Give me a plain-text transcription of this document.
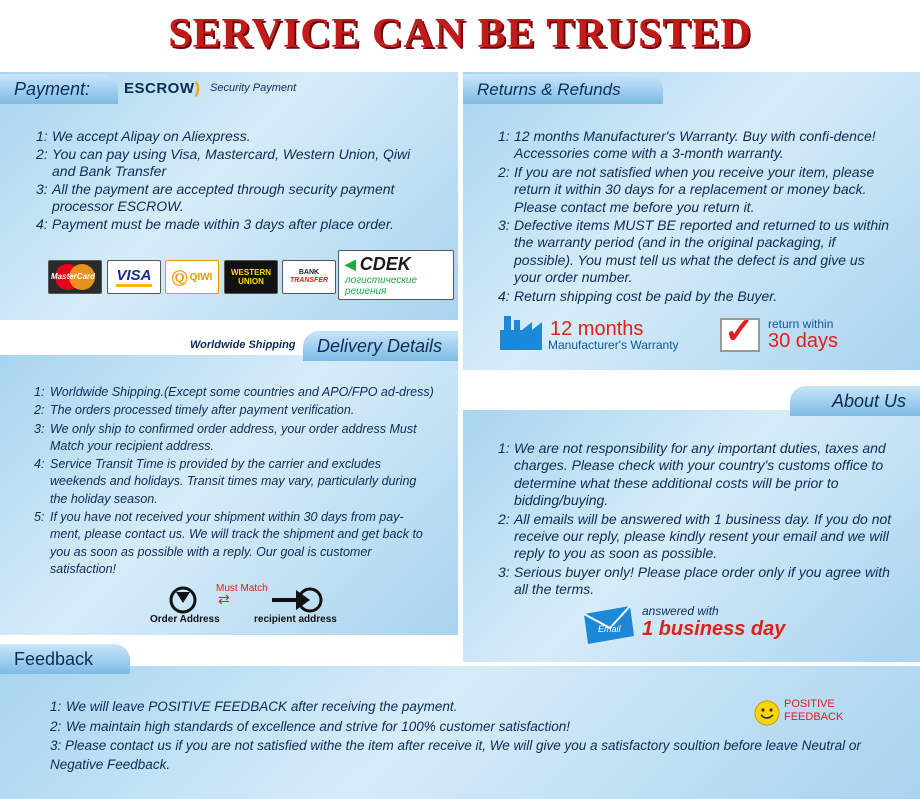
SERVICE CAN BE TRUSTED
Payment:	ESCROW) Security Payment
1: We accept Alipay on Aliexpress.
2: You can pay using Visa, Mastercard, Western Union, Qiwi and Bank Transfer
3: All the payment are accepted through security payment processor ESCROW.
4: Payment must be made within 3 days after place order.
MasterCard VISA Ⓠ QIWI WESTERN
UNION
BANK
TRANSFER
◀ CDEK
логистические
решения
Returns & Refunds
1: 12 months Manufacturer's Warranty. Buy with confi-dence! Accessories come with a 3-month warranty.
2: If you are not satisfied when you receive your item, please return it within 30 days for a replacement or money back. Please contact me before you return it.
3: Defective items MUST BE reported and returned to us within the warranty period (and in the original packaging, if possible). You must tell us what the defect is and give us your order number.
4: Return shipping cost be paid by the Buyer.
12 months
Manufacturer's Warranty ✓ return within
30 days
Delivery Details
Worldwide Shipping
1: Worldwide Shipping.(Except some countries and APO/FPO ad-dress)
2: The orders processed timely after payment verification.
3: We only ship to confirmed order address, your order address Must Match your recipient address.
4: Service Transit Time is provided by the carrier and excludes weekends and holidays. Transit times may vary, particularly during the holiday season.
5: If you have not received your shipment within 30 days from pay-ment, please contact us. We will track the shipment and get back to you as soon as possible with a reply. Our goal is customer satisfaction!
Must Match
⇄
Order Address	recipient address
About Us
1: We are not responsibility for any important duties, taxes and charges. Please check with your country's customs office to determine what these additional costs will be prior to bidding/buying.
2: All emails will be answered with 1 business day. If you do not receive our reply, please kindly resent your email and we will reply to you as soon as possible.
3: Serious buyer only! Please place order only if you agree with all the terms.
Email
answered with
1 business day
Feedback
1: We will leave POSITIVE FEEDBACK after receiving the payment.
2: We maintain high standards of excellence and strive for 100% customer satisfaction!
3: Please contact us if you are not satisfied withe the item after receive it, We will give you a satisfactory soultion before leave Neutral or Negative Feedback.
POSITIVE
FEEDBACK
